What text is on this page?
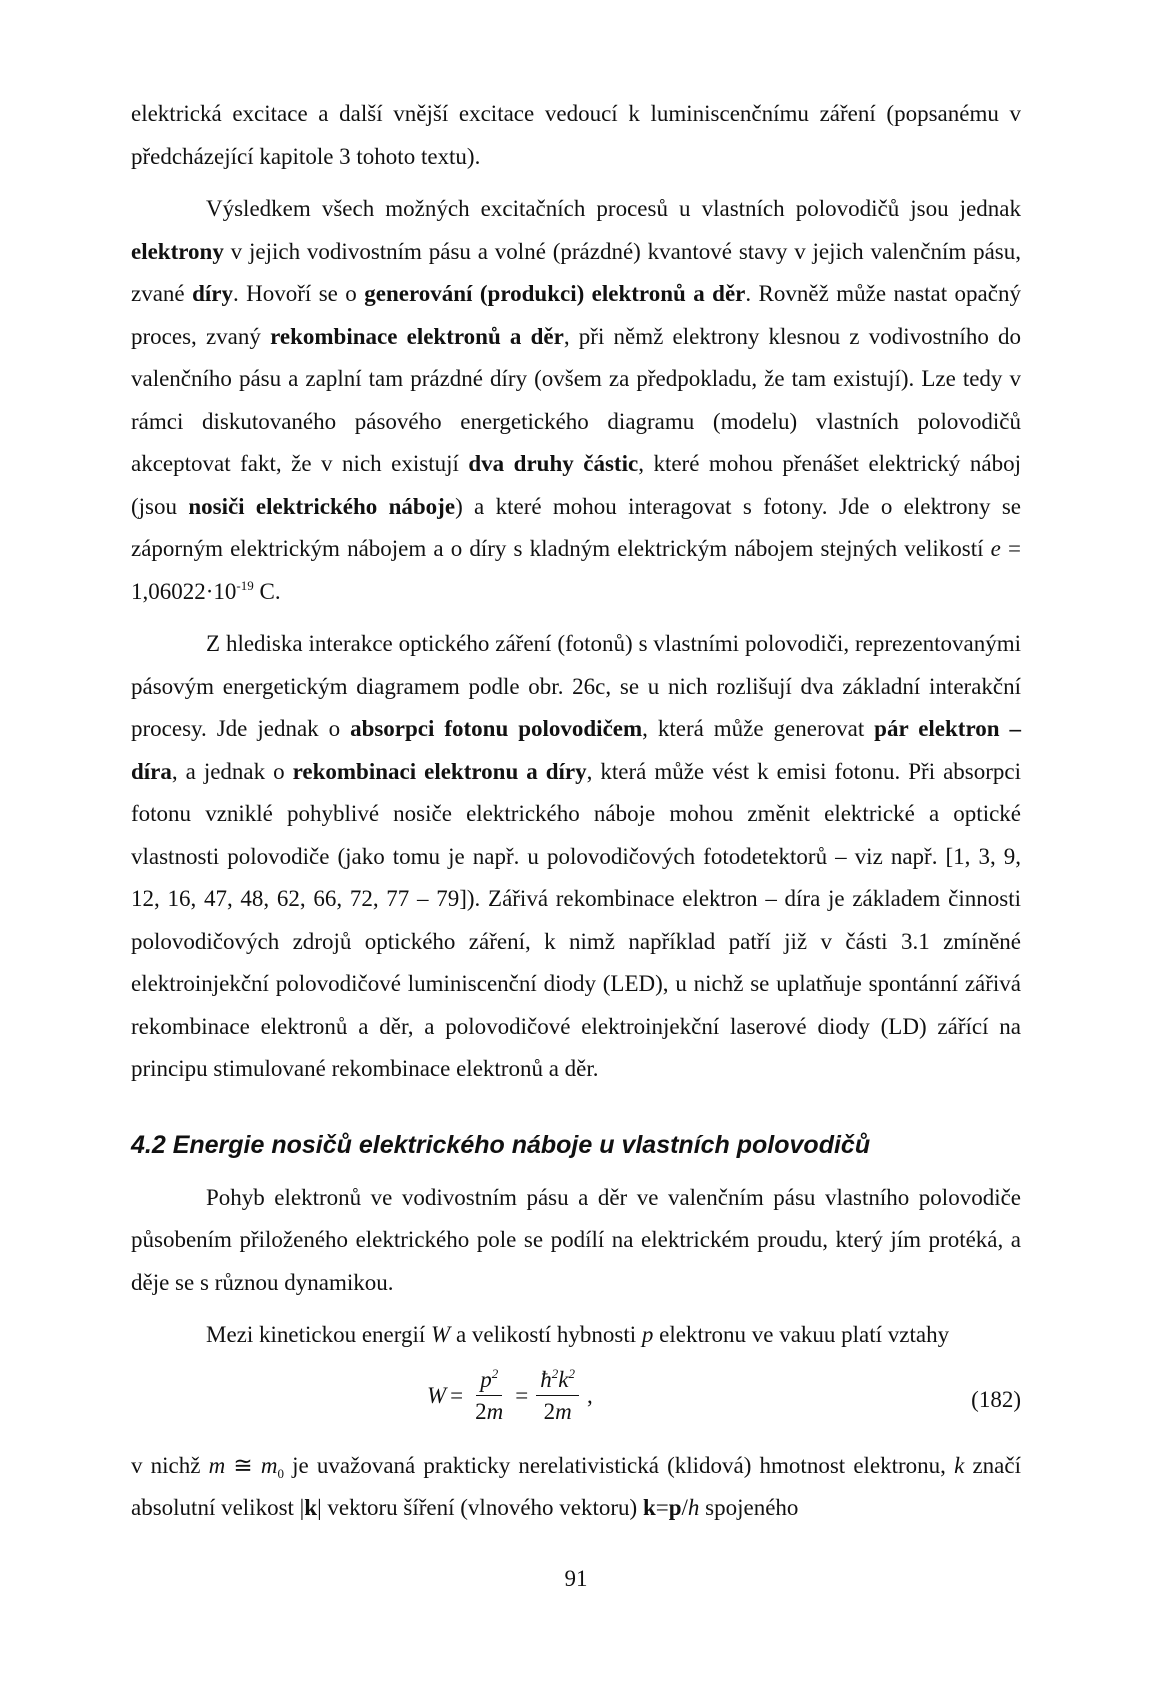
elektrická excitace a další vnější excitace vedoucí k luminiscenčnímu záření (popsanému v předcházející kapitole 3 tohoto textu).

Výsledkem všech možných excitačních procesů u vlastních polovodičů jsou jednak elektrony v jejich vodivostním pásu a volné (prázdné) kvantové stavy v jejich valenčním pásu, zvané díry. Hovoří se o generování (produkci) elektronů a děr. Rovněž může nastat opačný proces, zvaný rekombinace elektronů a děr, při němž elektrony klesnou z vodivostního do valenčního pásu a zaplní tam prázdné díry (ovšem za předpokladu, že tam existují). Lze tedy v rámci diskutovaného pásového energetického diagramu (modelu) vlastních polovodičů akceptovat fakt, že v nich existují dva druhy částic, které mohou přenášet elektrický náboj (jsou nosiči elektrického náboje) a které mohou interagovat s fotony. Jde o elektrony se záporným elektrickým nábojem a o díry s kladným elektrickým nábojem stejných velikostí $e = 1,06022\cdot 10^{-19}$ C.

Z hlediska interakce optického záření (fotonů) s vlastními polovodiči, reprezentovanými pásovým energetickým diagramem podle obr. 26c, se u nich rozlišují dva základní interakční procesy. Jde jednak o absorpci fotonu polovodičem, která může generovat pár elektron – díra, a jednak o rekombinaci elektronu a díry, která může vést k emisi fotonu. Při absorpci fotonu vzniklé pohyblivé nosiče elektrického náboje mohou změnit elektrické a optické vlastnosti polovodiče (jako tomu je např. u polovodičových fotodetektorů – viz např. [1, 3, 9, 12, 16, 47, 48, 62, 66, 72, 77 – 79]). Zářivá rekombinace elektron – díra je základem činnosti polovodičových zdrojů optického záření, k nimž například patří již v části 3.1 zmíněné elektroinjekční polovodičové luminiscenční diody (LED), u nichž se uplatňuje spontánní zářivá rekombinace elektronů a děr, a polovodičové elektroinjekční laserové diody (LD) zářící na principu stimulované rekombinace elektronů a děr.

4.2 Energie nosičů elektrického náboje u vlastních polovodičů

Pohyb elektronů ve vodivostním pásu a děr ve valenčním pásu vlastního polovodiče působením přiloženého elektrického pole se podílí na elektrickém proudu, který jím protéká, a děje se s různou dynamikou.

Mezi kinetickou energií W a velikostí hybnosti p elektronu ve vakuu platí vztahy

$W = \frac{p^2}{2m} = \frac{ħ^2k^2}{2m}$ ,	(182)

v nichž m ≅ $m_0$ je uvažovaná prakticky nerelativistická (klidová) hmotnost elektronu, k značí absolutní velikost |k| vektoru šíření (vlnového vektoru) k=p/h spojeného

91
